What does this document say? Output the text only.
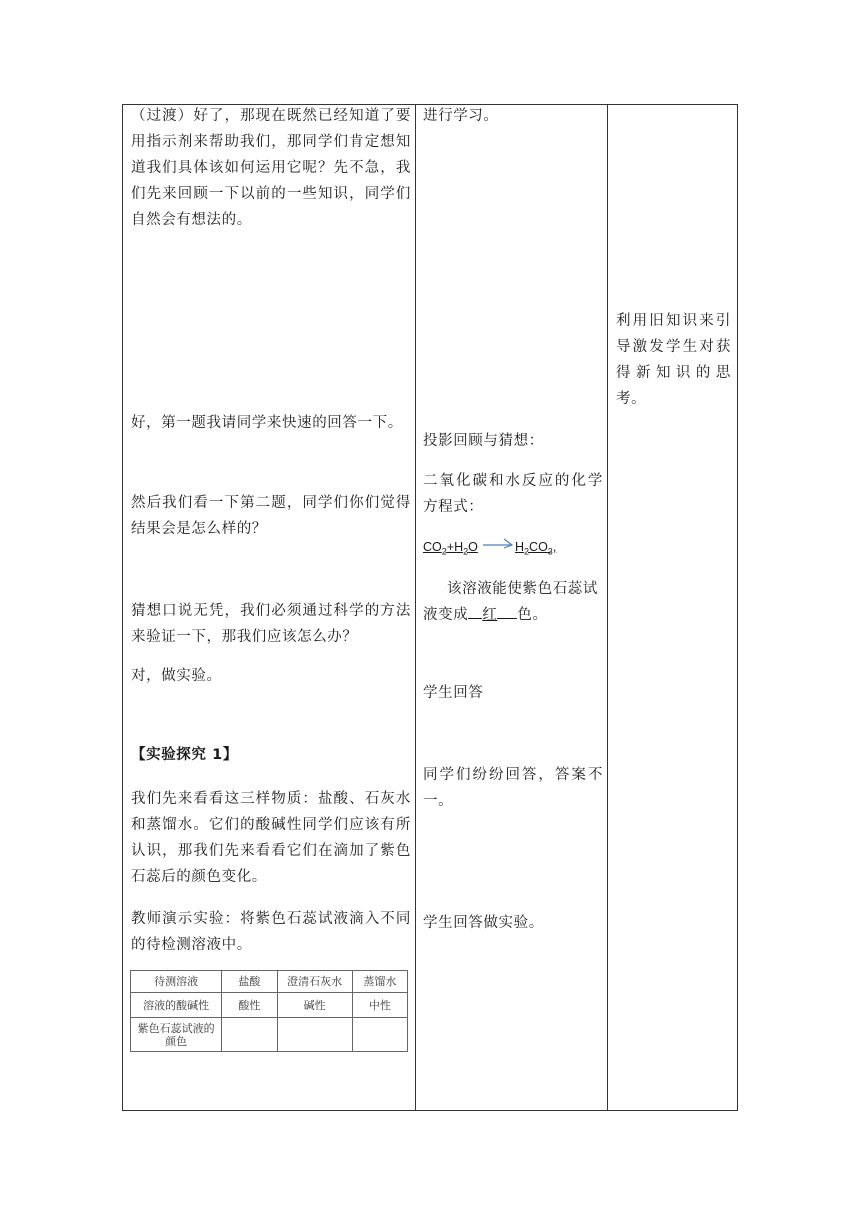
（过渡）好了，那现在既然已经知道了要用指示剂来帮助我们，那同学们肯定想知道我们具体该如何运用它呢？先不急，我们先来回顾一下以前的一些知识，同学们自然会有想法的。

好，第一题我请同学来快速的回答一下。

然后我们看一下第二题，同学们你们觉得结果会是怎么样的？

猜想口说无凭，我们必须通过科学的方法来验证一下，那我们应该怎么办？

对，做实验。

【实验探究 1】

我们先来看看这三样物质：盐酸、石灰水和蒸馏水。它们的酸碱性同学们应该有所认识，那我们先来看看它们在滴加了紫色石蕊后的颜色变化。

教师演示实验：将紫色石蕊试液滴入不同的待检测溶液中。

待测溶液	盐酸	澄清石灰水	蒸馏水
溶液的酸碱性	酸性	碱性	中性
紫色石蕊试液的颜色			

进行学习。

投影回顾与猜想：

二氧化碳和水反应的化学方程式：

$CO_2+H_2O \to H_2CO_3$,

该溶液能使紫色石蕊试

液变成 红 色。

学生回答

同学们纷纷回答，答案不一。

学生回答做实验。

利用旧知识来引导激发学生对获得新知识的思考。
